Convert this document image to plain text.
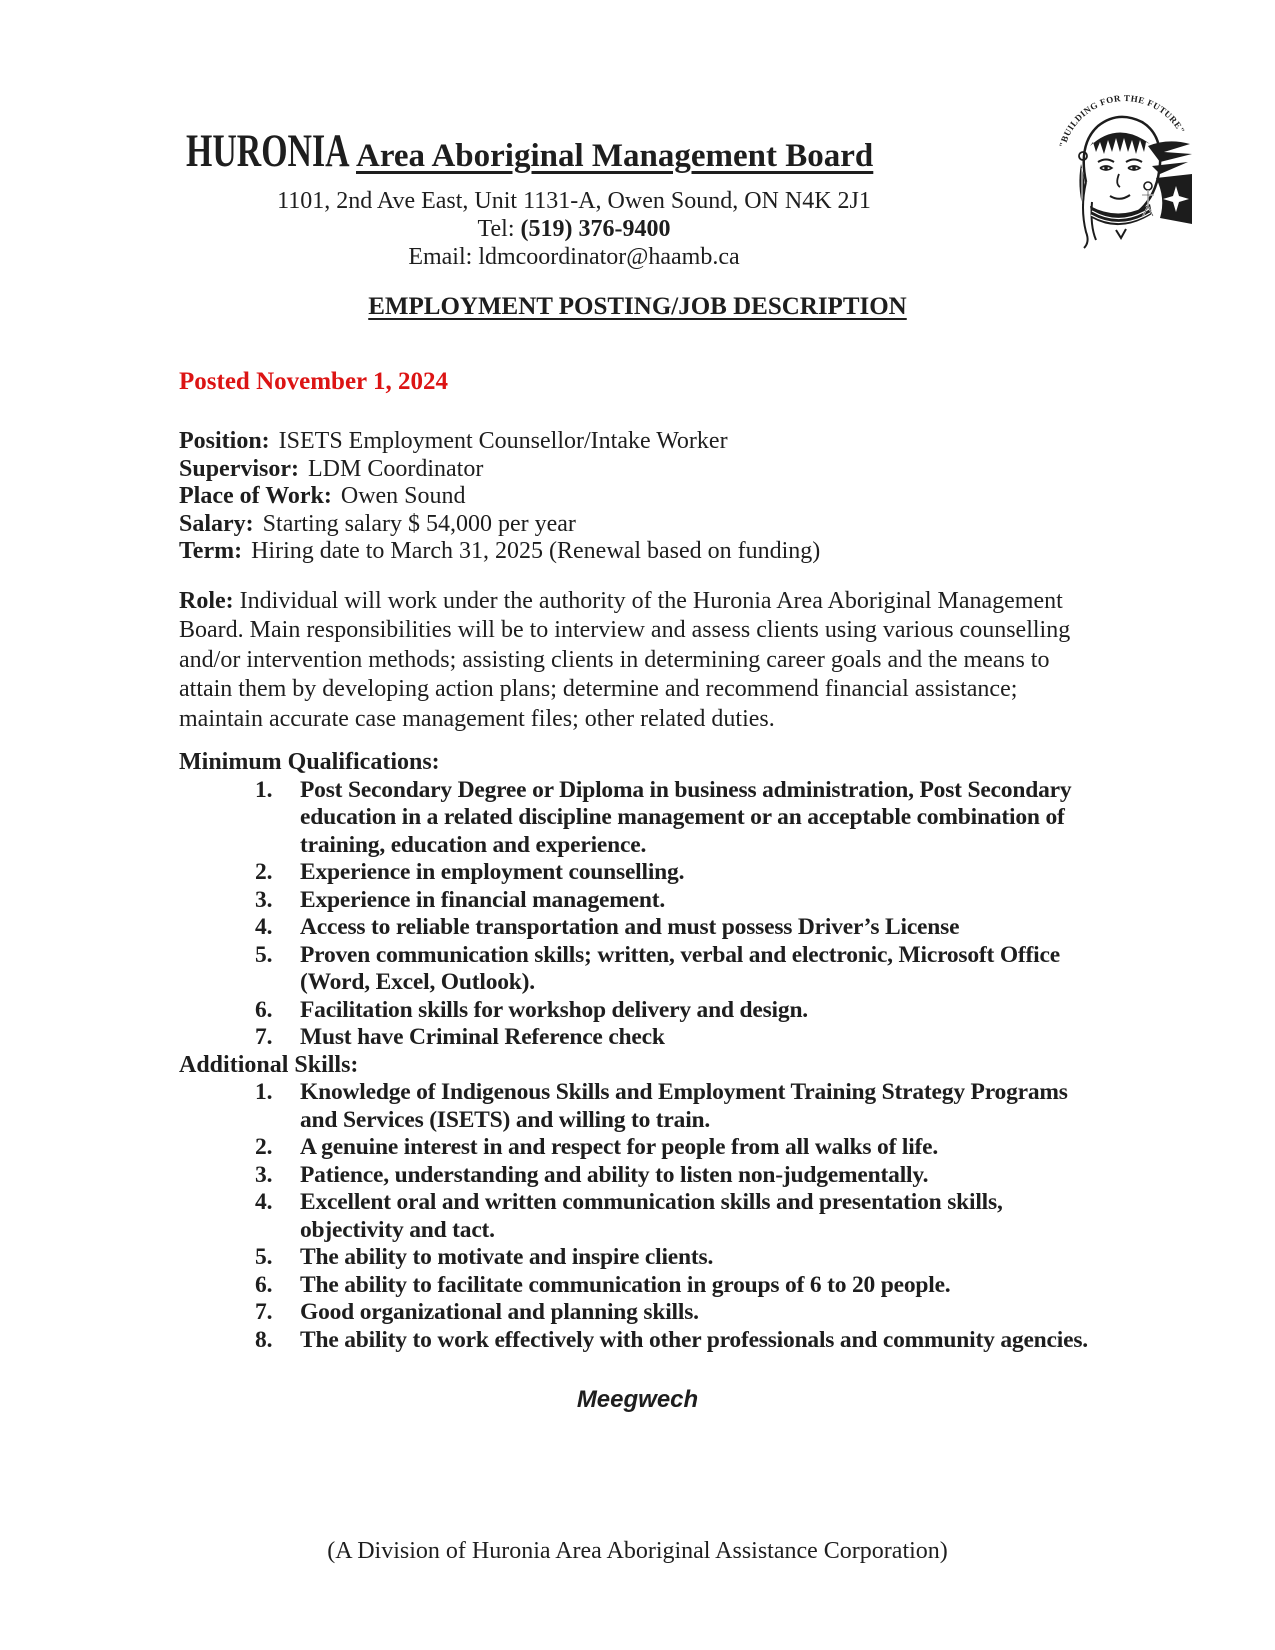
HURONIA Area Aboriginal Management Board
1101, 2nd Ave East, Unit 1131-A, Owen Sound, ON N4K 2J1
Tel: (519) 376-9400
Email: ldmcoordinator@haamb.ca
"BUILDING FOR THE FUTURE"
EMPLOYMENT POSTING/JOB DESCRIPTION
Posted November 1, 2024
Position: ISETS Employment Counsellor/Intake Worker
Supervisor: LDM Coordinator
Place of Work: Owen Sound
Salary: Starting salary $ 54,000 per year
Term: Hiring date to March 31, 2025 (Renewal based on funding)

Role: Individual will work under the authority of the Huronia Area Aboriginal Management Board. Main responsibilities will be to interview and assess clients using various counselling and/or intervention methods; assisting clients in determining career goals and the means to attain them by developing action plans; determine and recommend financial assistance; maintain accurate case management files; other related duties.

Minimum Qualifications:
Post Secondary Degree or Diploma in business administration, Post Secondary education in a related discipline management or an acceptable combination of training, education and experience.
Experience in employment counselling.
Experience in financial management.
Access to reliable transportation and must possess Driver’s License
Proven communication skills; written, verbal and electronic, Microsoft Office (Word, Excel, Outlook).
Facilitation skills for workshop delivery and design.
Must have Criminal Reference check
Additional Skills:
Knowledge of Indigenous Skills and Employment Training Strategy Programs and Services (ISETS) and willing to train.
A genuine interest in and respect for people from all walks of life.
Patience, understanding and ability to listen non-judgementally.
Excellent oral and written communication skills and presentation skills, objectivity and tact.
The ability to motivate and inspire clients.
The ability to facilitate communication in groups of 6 to 20 people.
Good organizational and planning skills.
The ability to work effectively with other professionals and community agencies.
Meegwech
(A Division of Huronia Area Aboriginal Assistance Corporation)
